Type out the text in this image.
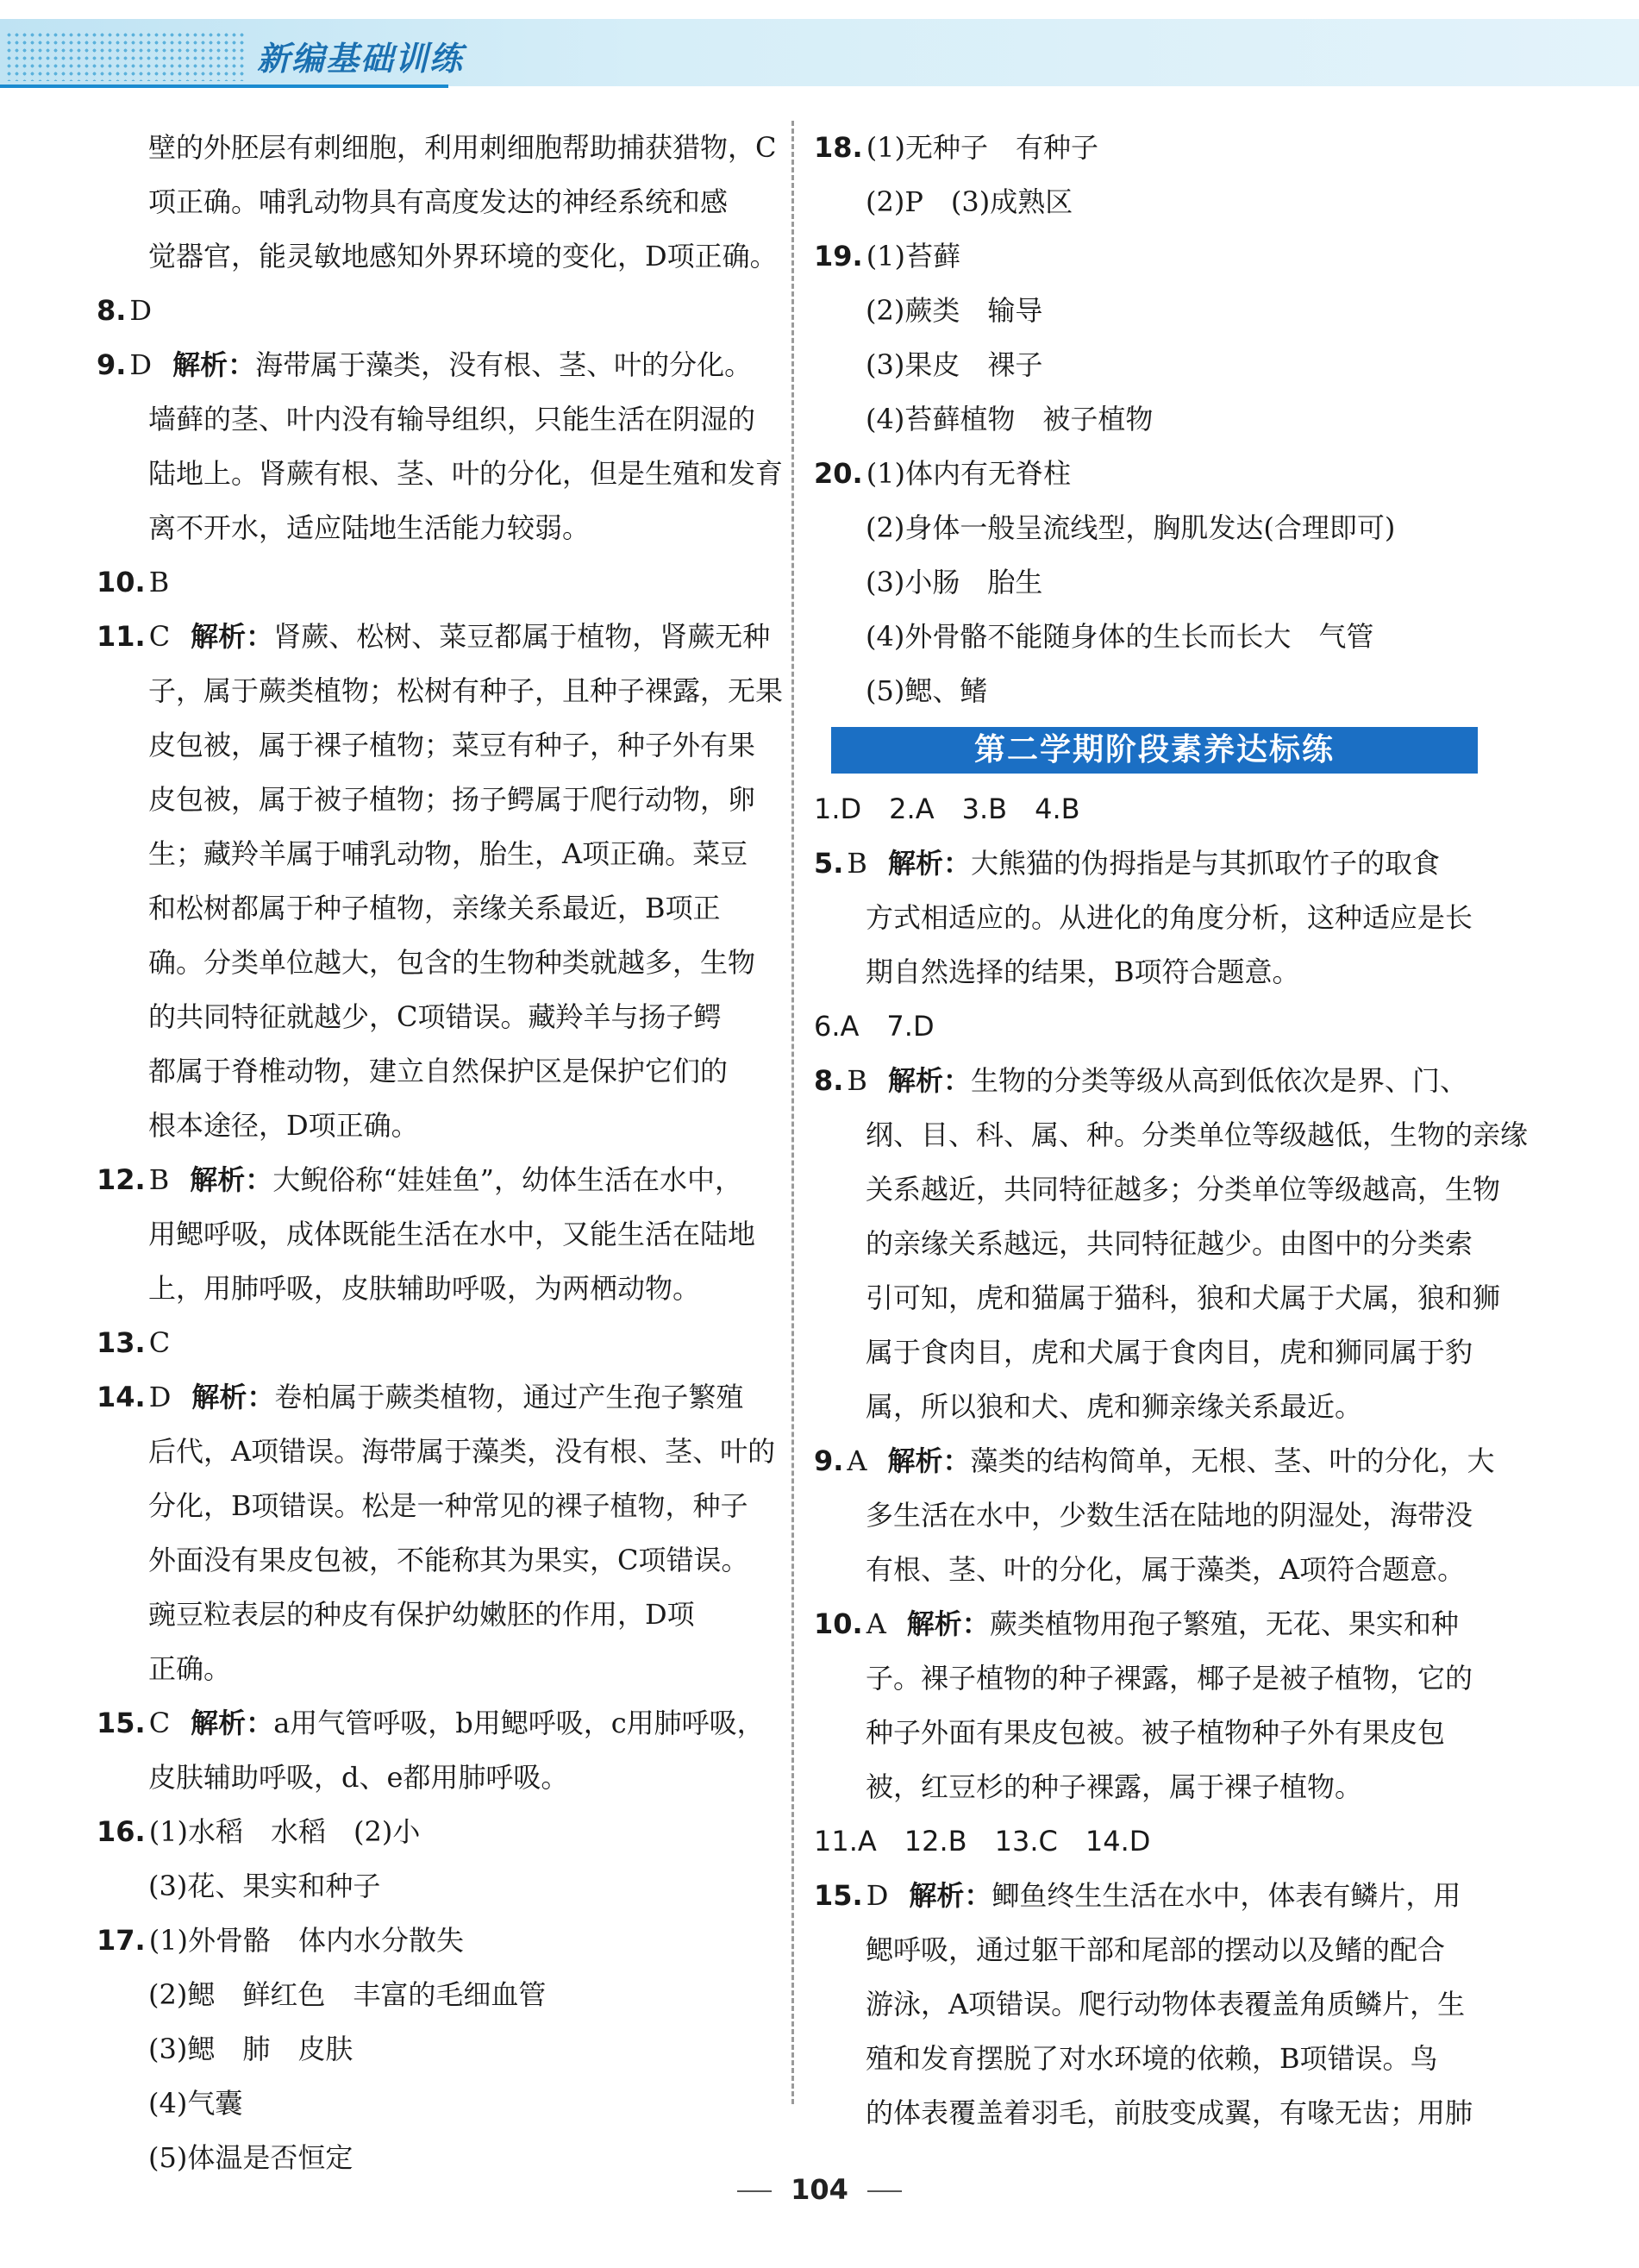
新编基础训练
壁的外胚层有刺细胞，利用刺细胞帮助捕获猎物，C
项正确。哺乳动物具有高度发达的神经系统和感
觉器官，能灵敏地感知外界环境的变化，D项正确。
8. D
9. D 解析：海带属于藻类，没有根、茎、叶的分化。
墙藓的茎、叶内没有输导组织，只能生活在阴湿的
陆地上。肾蕨有根、茎、叶的分化，但是生殖和发育
离不开水，适应陆地生活能力较弱。
10. B
11. C 解析：肾蕨、松树、菜豆都属于植物，肾蕨无种
子，属于蕨类植物；松树有种子，且种子裸露，无果
皮包被，属于裸子植物；菜豆有种子，种子外有果
皮包被，属于被子植物；扬子鳄属于爬行动物，卵
生；藏羚羊属于哺乳动物，胎生，A项正确。菜豆
和松树都属于种子植物，亲缘关系最近，B项正
确。分类单位越大，包含的生物种类就越多，生物
的共同特征就越少，C项错误。藏羚羊与扬子鳄
都属于脊椎动物，建立自然保护区是保护它们的
根本途径，D项正确。
12. B 解析：大鲵俗称“娃娃鱼”，幼体生活在水中，
用鳃呼吸，成体既能生活在水中，又能生活在陆地
上，用肺呼吸，皮肤辅助呼吸，为两栖动物。
13. C
14. D 解析：卷柏属于蕨类植物，通过产生孢子繁殖
后代，A项错误。海带属于藻类，没有根、茎、叶的
分化，B项错误。松是一种常见的裸子植物，种子
外面没有果皮包被，不能称其为果实，C项错误。
豌豆粒表层的种皮有保护幼嫩胚的作用，D项
正确。
15. C 解析：a用气管呼吸，b用鳃呼吸，c用肺呼吸，
皮肤辅助呼吸，d、e都用肺呼吸。
16. (1)水稻　水稻　(2)小
(3)花、果实和种子
17. (1)外骨骼　体内水分散失
(2)鳃　鲜红色　丰富的毛细血管
(3)鳃　肺　皮肤
(4)气囊
(5)体温是否恒定
18. (1)无种子　有种子
(2)P　(3)成熟区
19. (1)苔藓
(2)蕨类　输导
(3)果皮　裸子
(4)苔藓植物　被子植物
20. (1)体内有无脊柱
(2)身体一般呈流线型，胸肌发达(合理即可)
(3)小肠　胎生
(4)外骨骼不能随身体的生长而长大　气管
(5)鳃、鳍
第二学期阶段素养达标练
1.D　2.A　3.B　4.B
5. B 解析：大熊猫的伪拇指是与其抓取竹子的取食
方式相适应的。从进化的角度分析，这种适应是长
期自然选择的结果，B项符合题意。
6.A　7.D
8. B 解析：生物的分类等级从高到低依次是界、门、
纲、目、科、属、种。分类单位等级越低，生物的亲缘
关系越近，共同特征越多；分类单位等级越高，生物
的亲缘关系越远，共同特征越少。由图中的分类索
引可知，虎和猫属于猫科，狼和犬属于犬属，狼和狮
属于食肉目，虎和犬属于食肉目，虎和狮同属于豹
属，所以狼和犬、虎和狮亲缘关系最近。
9. A 解析：藻类的结构简单，无根、茎、叶的分化，大
多生活在水中，少数生活在陆地的阴湿处，海带没
有根、茎、叶的分化，属于藻类，A项符合题意。
10. A 解析：蕨类植物用孢子繁殖，无花、果实和种
子。裸子植物的种子裸露，椰子是被子植物，它的
种子外面有果皮包被。被子植物种子外有果皮包
被，红豆杉的种子裸露，属于裸子植物。
11.A　12.B　13.C　14.D
15. D 解析：鲫鱼终生生活在水中，体表有鳞片，用
鳃呼吸，通过躯干部和尾部的摆动以及鳍的配合
游泳，A项错误。爬行动物体表覆盖角质鳞片，生
殖和发育摆脱了对水环境的依赖，B项错误。鸟
的体表覆盖着羽毛，前肢变成翼，有喙无齿；用肺
104
